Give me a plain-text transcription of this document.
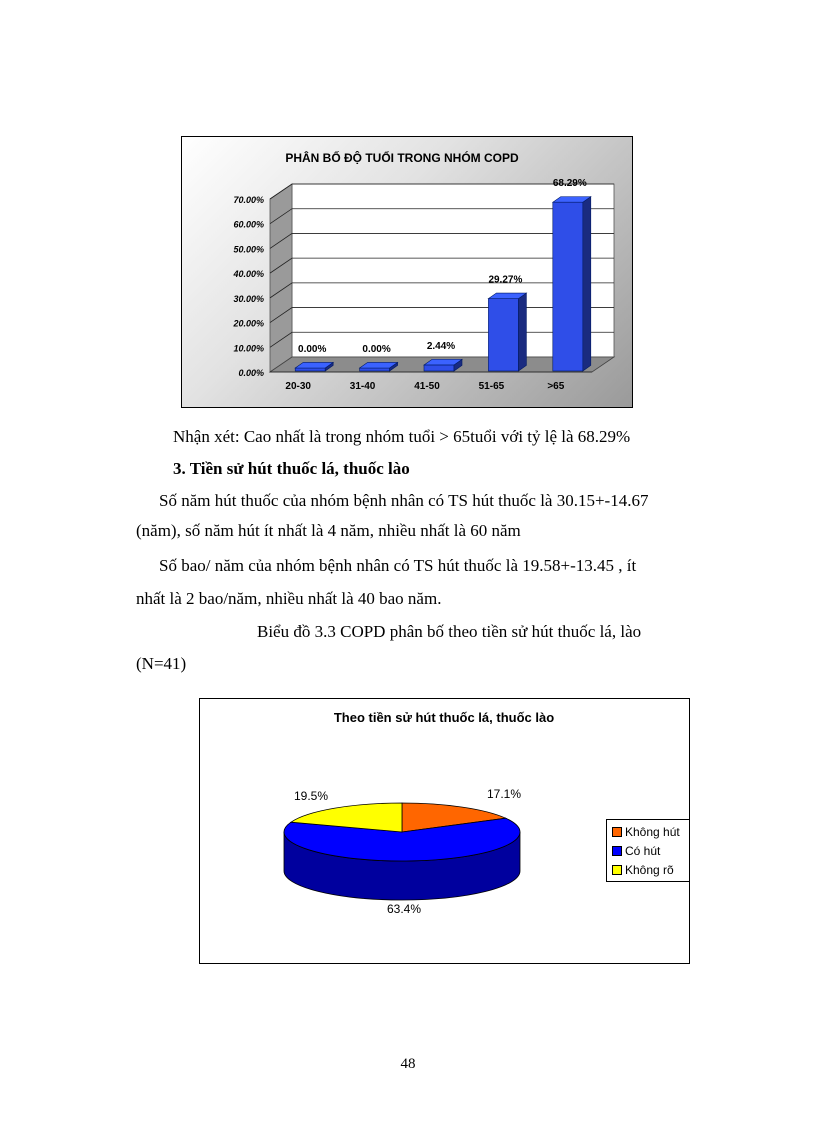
PHÂN BỐ ĐỘ TUỔI TRONG NHÓM COPD
0.00%
10.00%
20.00%
30.00%
40.00%
50.00%
60.00%
70.00%
0.00%
20-30
0.00%
31-40
2.44%
41-50
29.27%
51-65
68.29%
>65
Nhận xét: Cao nhất là trong nhóm tuổi > 65tuổi với tỷ lệ là 68.29%
3. Tiền sử hút thuốc lá, thuốc lào
Số năm hút thuốc của nhóm bệnh nhân có TS hút thuốc là 30.15+-14.67
(năm), số năm hút ít nhất là 4 năm, nhiều nhất là 60 năm
Số bao/ năm của nhóm bệnh nhân có TS hút thuốc là 19.58+-13.45 , ít
nhất là 2 bao/năm, nhiều nhất là 40 bao năm.
Biểu đồ 3.3 COPD phân bố theo tiền sử hút thuốc lá, lào
(N=41)
Theo tiền sử hút thuốc lá, thuốc lào
17.1%
63.4%
19.5%
Không hút
Có hút
Không rõ
48
